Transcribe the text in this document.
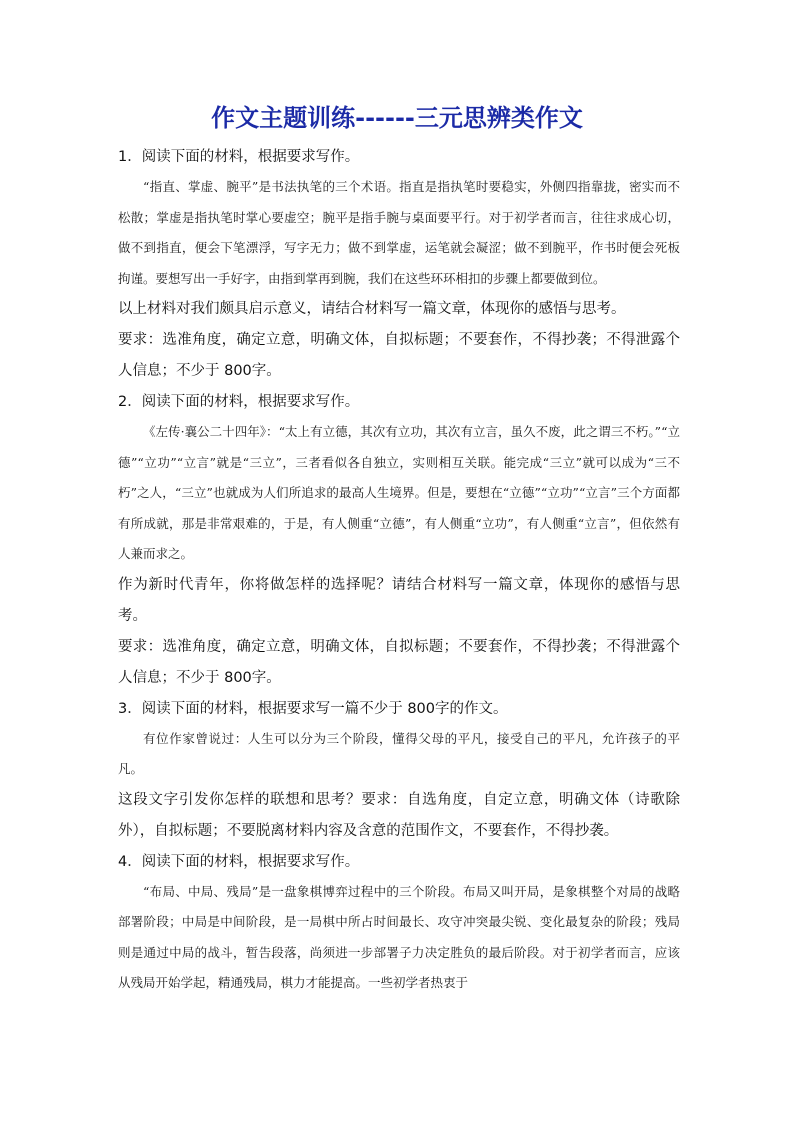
作文主题训练------三元思辨类作文
1．阅读下面的材料，根据要求写作。

“指直、掌虚、腕平”是书法执笔的三个术语。指直是指执笔时要稳实，外侧四指靠拢，密实而不松散；掌虚是指执笔时掌心要虚空；腕平是指手腕与桌面要平行。对于初学者而言，往往求成心切，做不到指直，便会下笔漂浮，写字无力；做不到掌虚，运笔就会凝涩；做不到腕平，作书时便会死板拘谨。要想写出一手好字，由指到掌再到腕，我们在这些环环相扣的步骤上都要做到位。

以上材料对我们颇具启示意义，请结合材料写一篇文章，体现你的感悟与思考。

要求：选准角度，确定立意，明确文体，自拟标题；不要套作，不得抄袭；不得泄露个人信息；不少于 800字。

2．阅读下面的材料，根据要求写作。

《左传·襄公二十四年》：“太上有立德，其次有立功，其次有立言，虽久不废，此之谓三不朽。”“立德”“立功”“立言”就是“三立”，三者看似各自独立，实则相互关联。能完成“三立”就可以成为“三不朽”之人，“三立”也就成为人们所追求的最高人生境界。但是，要想在“立德”“立功”“立言”三个方面都有所成就，那是非常艰难的，于是，有人侧重“立德”，有人侧重“立功”，有人侧重“立言”，但依然有人兼而求之。

作为新时代青年，你将做怎样的选择呢？请结合材料写一篇文章，体现你的感悟与思考。

要求：选准角度，确定立意，明确文体，自拟标题；不要套作，不得抄袭；不得泄露个人信息；不少于 800字。

3．阅读下面的材料，根据要求写一篇不少于 800字的作文。

有位作家曾说过：人生可以分为三个阶段，懂得父母的平凡，接受自己的平凡，允许孩子的平凡。

这段文字引发你怎样的联想和思考？要求：自选角度，自定立意，明确文体（诗歌除外），自拟标题；不要脱离材料内容及含意的范围作文，不要套作，不得抄袭。

4．阅读下面的材料，根据要求写作。

“布局、中局、残局”是一盘象棋博弈过程中的三个阶段。布局又叫开局，是象棋整个对局的战略部署阶段；中局是中间阶段，是一局棋中所占时间最长、攻守冲突最尖锐、变化最复杂的阶段；残局则是通过中局的战斗，暂告段落，尚须进一步部署子力决定胜负的最后阶段。对于初学者而言，应该从残局开始学起，精通残局，棋力才能提高。一些初学者热衷于
